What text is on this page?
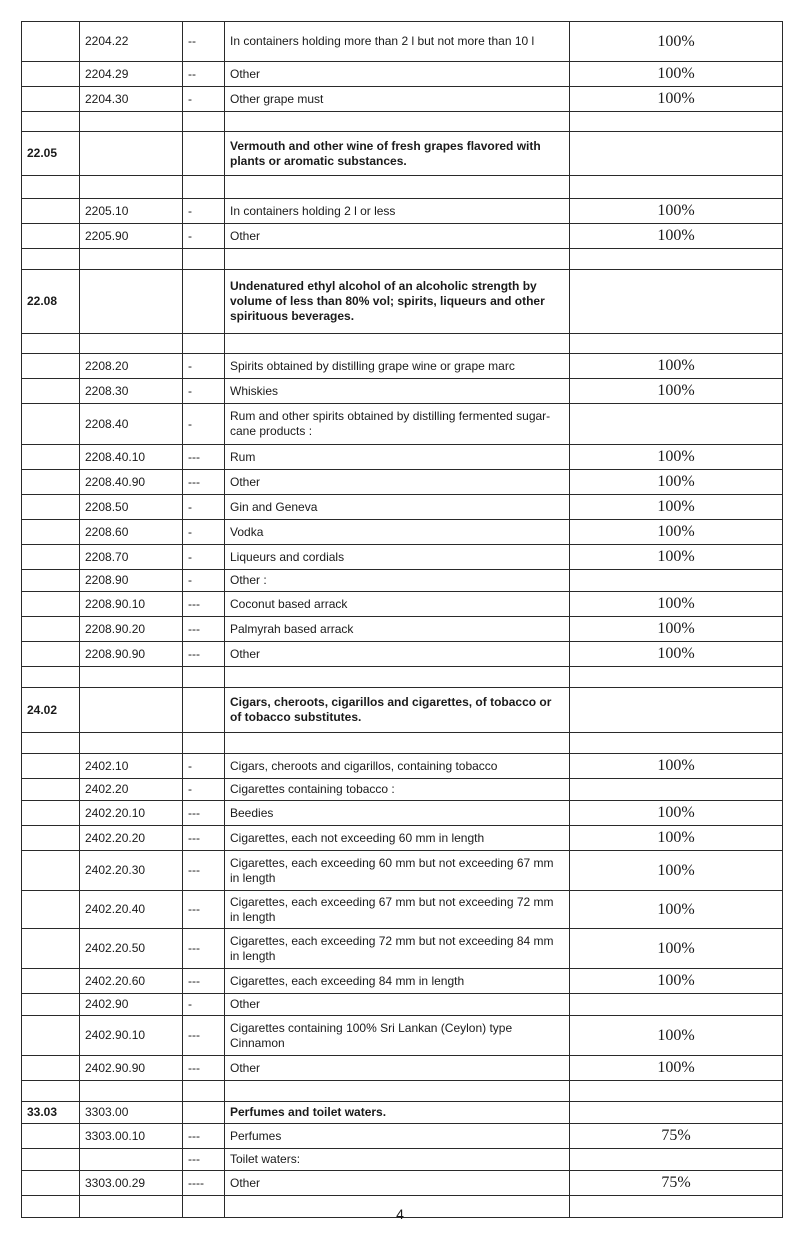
	2204.22	--	In containers holding more than 2 l but not more than 10 l	100%
	2204.29	--	Other	100%
	2204.30	-	Other grape must	100%

22.05			Vermouth and other wine of fresh grapes flavored with plants or aromatic substances.	

	2205.10	-	In containers holding 2 l or less	100%
	2205.90	-	Other	100%

22.08			Undenatured ethyl alcohol of an alcoholic strength by volume of less than 80% vol; spirits, liqueurs and other spirituous beverages.	

	2208.20	-	Spirits obtained by distilling grape wine or grape marc	100%
	2208.30	-	Whiskies	100%
	2208.40	-	Rum and other spirits obtained by distilling fermented sugar-cane products :	
	2208.40.10	---	Rum	100%
	2208.40.90	---	Other	100%
	2208.50	-	Gin and Geneva	100%
	2208.60	-	Vodka	100%
	2208.70	-	Liqueurs and cordials	100%
	2208.90	-	Other :	
	2208.90.10	---	Coconut based arrack	100%
	2208.90.20	---	Palmyrah based arrack	100%
	2208.90.90	---	Other	100%

24.02			Cigars, cheroots, cigarillos and cigarettes, of tobacco or of tobacco substitutes.	

	2402.10	-	Cigars, cheroots and cigarillos, containing tobacco	100%
	2402.20	-	Cigarettes containing tobacco :	
	2402.20.10	---	Beedies	100%
	2402.20.20	---	Cigarettes, each not exceeding 60 mm in length	100%
	2402.20.30	---	Cigarettes, each exceeding 60 mm but not exceeding 67 mm in length	100%
	2402.20.40	---	Cigarettes, each exceeding 67 mm but not exceeding 72 mm in length	100%
	2402.20.50	---	Cigarettes, each exceeding 72 mm but not exceeding 84 mm in length	100%
	2402.20.60	---	Cigarettes, each exceeding 84 mm in length	100%
	2402.90	-	Other	
	2402.90.10	---	Cigarettes containing 100% Sri Lankan (Ceylon) type Cinnamon	100%
	2402.90.90	---	Other	100%

33.03	3303.00		Perfumes and toilet waters.	
	3303.00.10	---	Perfumes	75%
		---	Toilet waters:	
	3303.00.29	----	Other	75%

4
